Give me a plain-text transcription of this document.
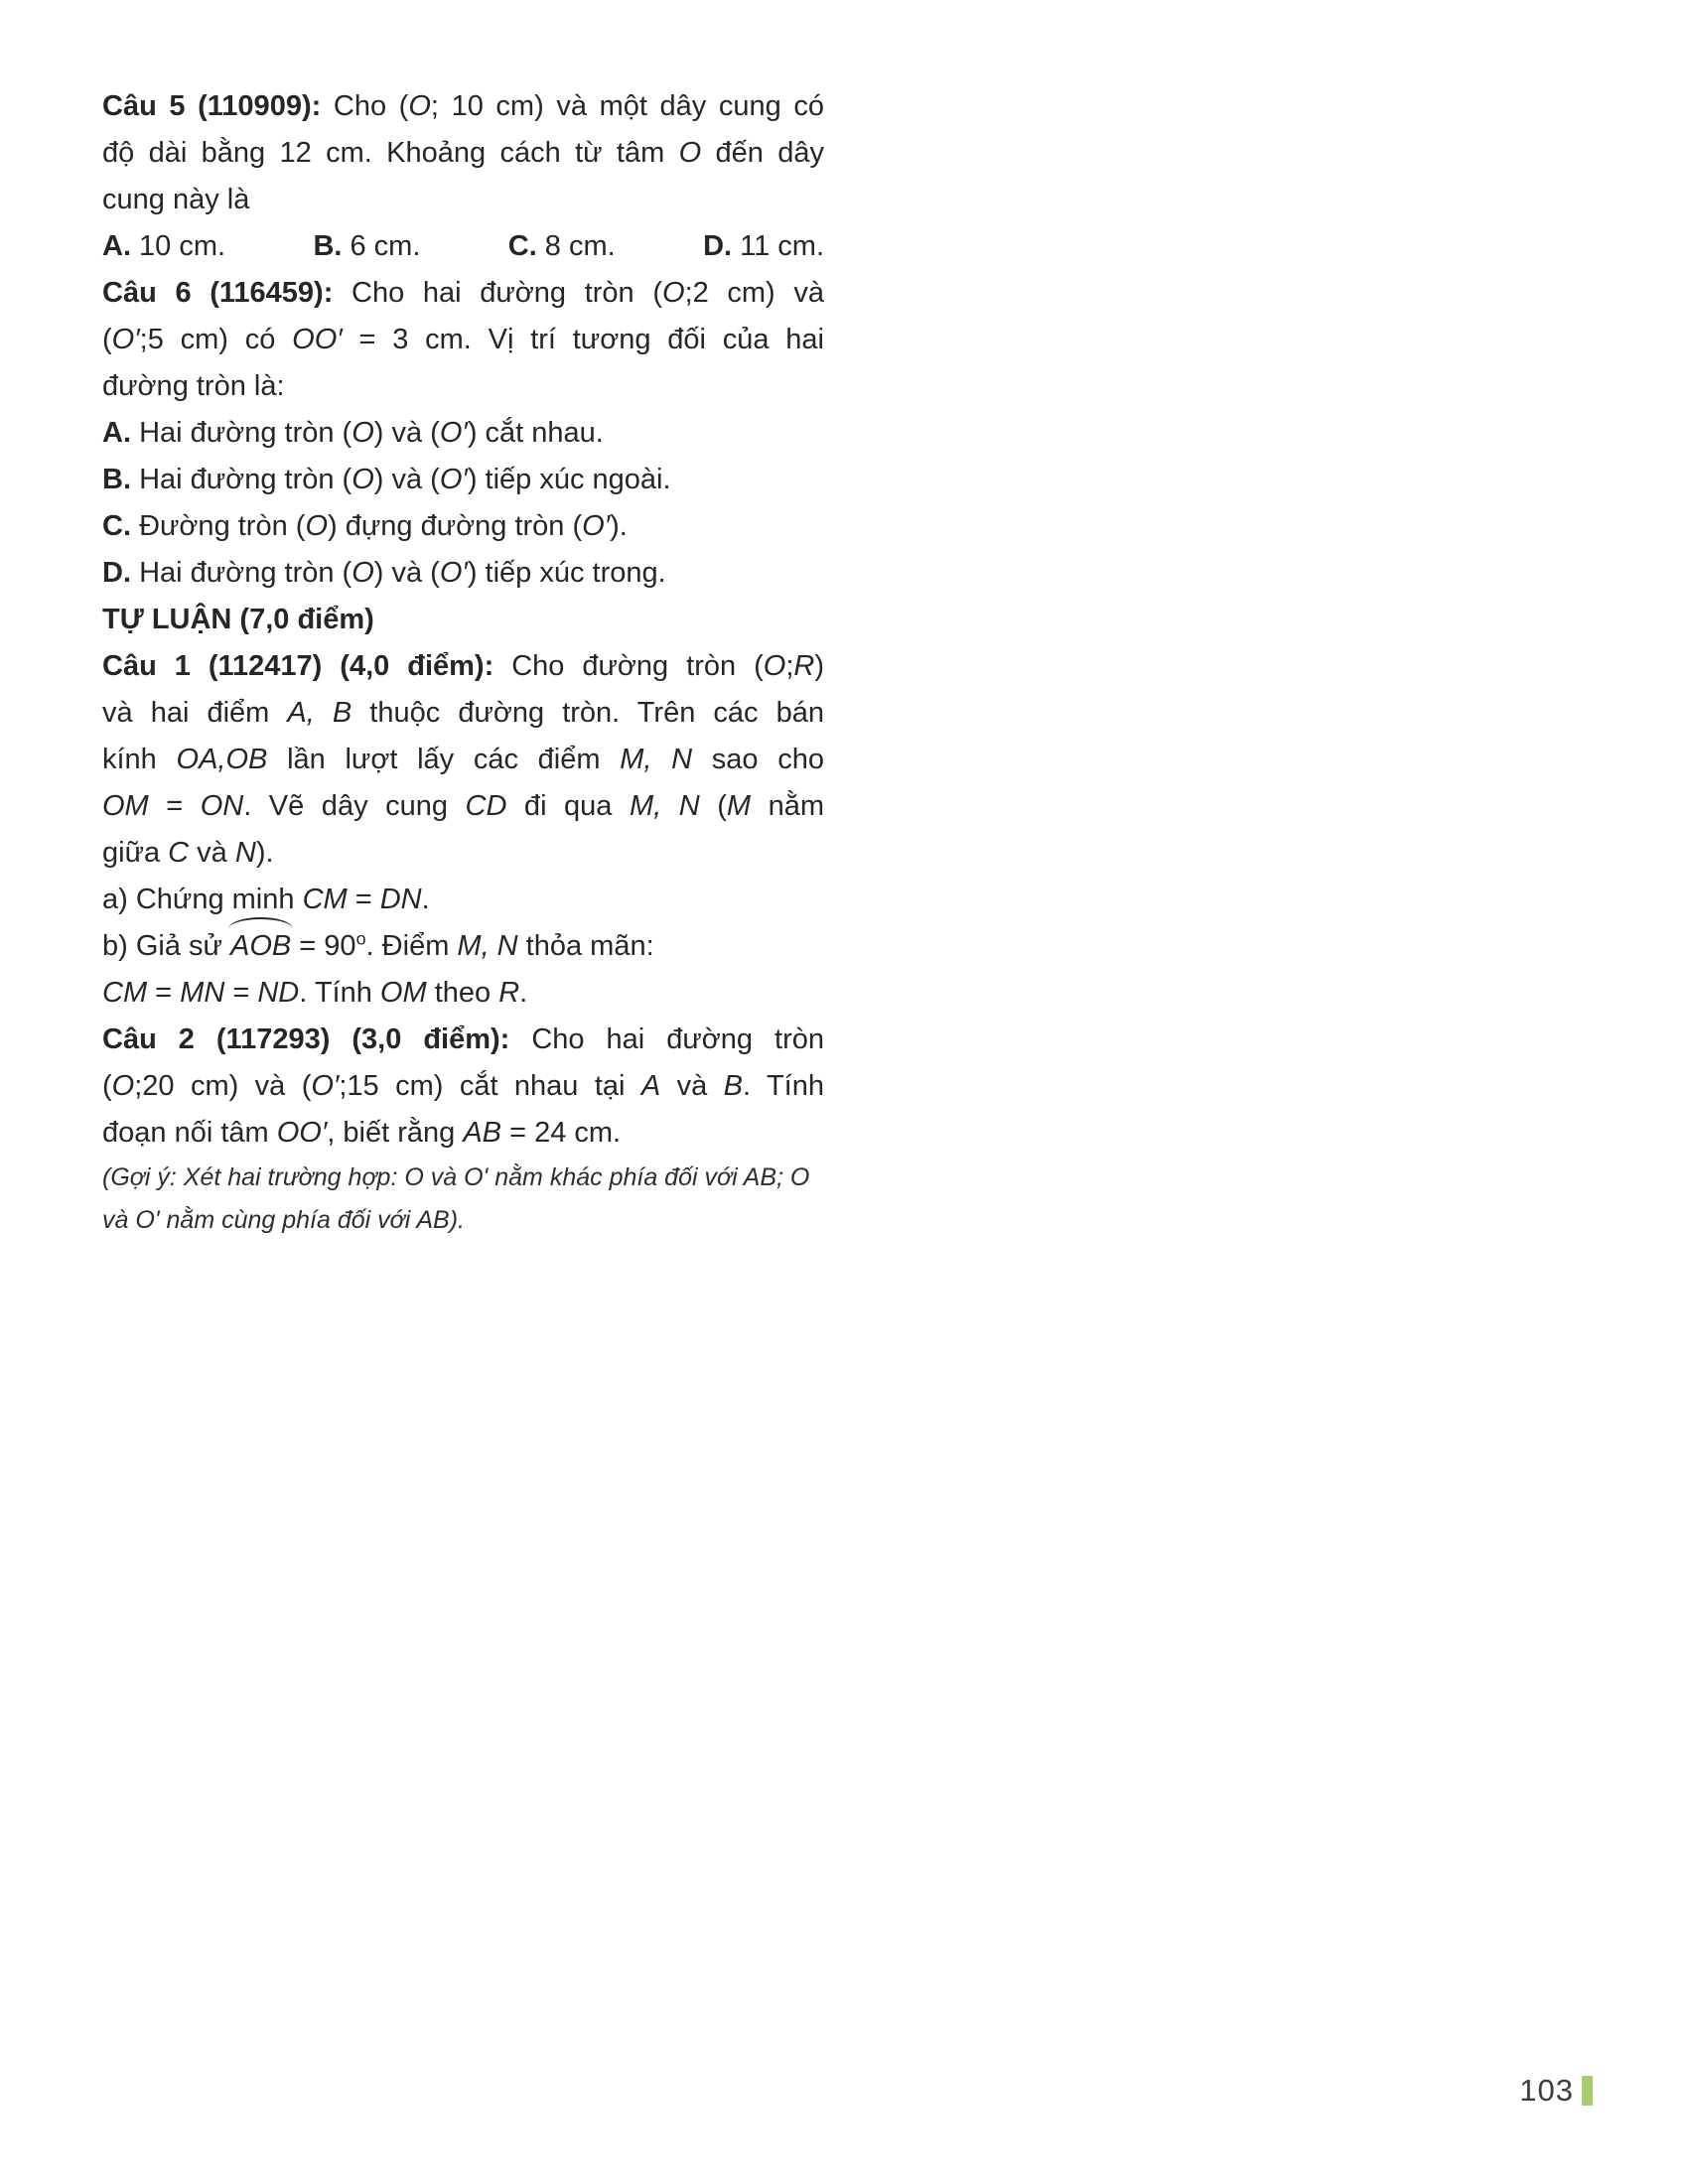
Câu 5 (110909): Cho (O; 10 cm) và một dây cung có
độ dài bằng 12 cm. Khoảng cách từ tâm O đến dây
cung này là
A. 10 cm.	B. 6 cm.	C. 8 cm.	D. 11 cm.
Câu 6 (116459): Cho hai đường tròn (O;2 cm) và
(O′;5 cm) có OO′ = 3 cm. Vị trí tương đối của hai
đường tròn là:
A. Hai đường tròn (O) và (O′) cắt nhau.
B. Hai đường tròn (O) và (O′) tiếp xúc ngoài.
C. Đường tròn (O) đựng đường tròn (O′).
D. Hai đường tròn (O) và (O′) tiếp xúc trong.
TỰ LUẬN (7,0 điểm)
Câu 1 (112417) (4,0 điểm): Cho đường tròn (O;R)
và hai điểm A, B thuộc đường tròn. Trên các bán
kính OA,OB lần lượt lấy các điểm M, N sao cho
OM = ON. Vẽ dây cung CD đi qua M, N (M nằm
giữa C và N).
a) Chứng minh CM = DN.
b) Giả sử AOB = $90^o$. Điểm M, N thỏa mãn:
CM = MN = ND. Tính OM theo R.
Câu 2 (117293) (3,0 điểm): Cho hai đường tròn
(O;20 cm) và (O′;15 cm) cắt nhau tại A và B. Tính
đoạn nối tâm OO′, biết rằng AB = 24 cm.
(Gợi ý: Xét hai trường hợp: O và O' nằm khác phía đối với AB; O
và O' nằm cùng phía đối với AB).
103
